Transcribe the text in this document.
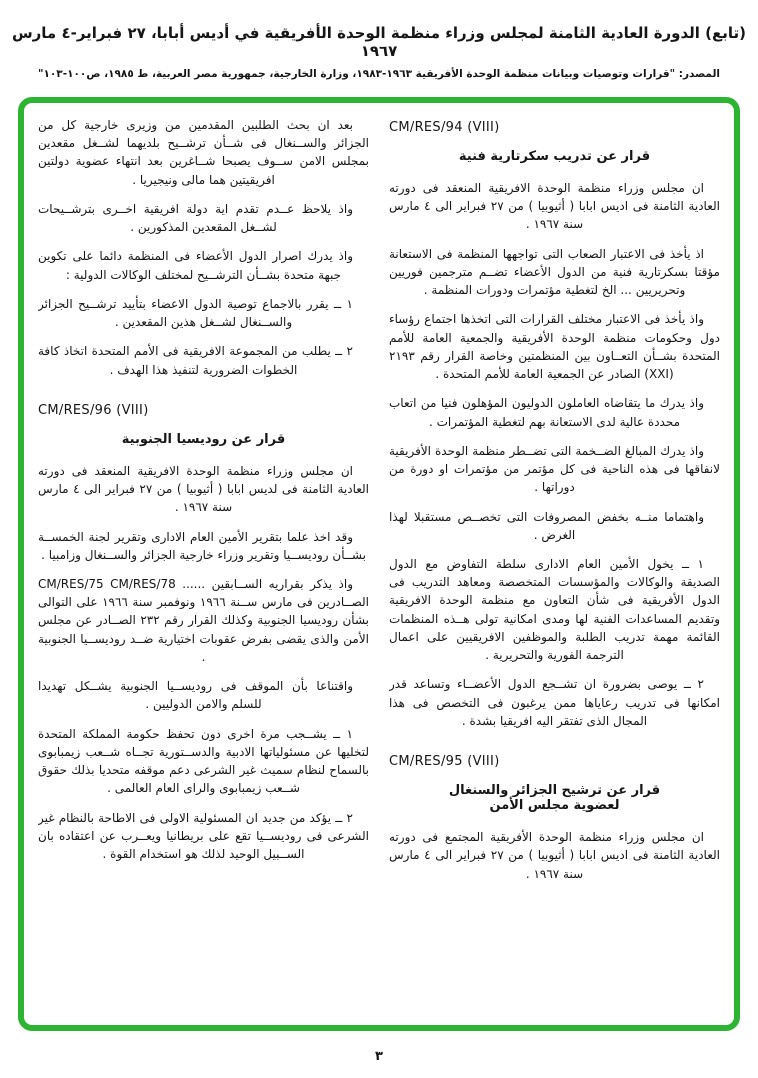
(تابع) الدورة العادية الثامنة لمجلس وزراء منظمة الوحدة الأفريقية في أديس أبابا، ٢٧ فبراير-٤ مارس ١٩٦٧
المصدر: "قرارات وتوصيات وبيانات منظمة الوحدة الأفريقية ١٩٦٣-١٩٨٣، وزارة الخارجية، جمهورية مصر العربية، ط ١٩٨٥، ص١٠٠-١٠٣"
CM/RES/94 (VIII)
قرار عن تدريب سكرتارية فنية

ان مجلس وزراء منظمة الوحدة الافريقية المنعقد فى دورته العادية الثامنة فى اديس ابابا ( أثيوبيا ) من ٢٧ فبراير الى ٤ مارس سنة ١٩٦٧ .

اذ يأخذ فى الاعتبار الصعاب التى تواجهها المنظمة فى الاستعانة مؤقتا بسكرتارية فنية من الدول الأعضاء تضــم مترجمين فوريين وتحريريين ... الخ لتغطية مؤتمرات ودورات المنظمة .

واذ يأخذ فى الاعتبار مختلف القرارات التى اتخذها اجتماع رؤساء دول وحكومات منظمة الوحدة الأفريقية والجمعية العامة للأمم المتحدة بشــأن التعــاون بين المنظمتين وخاصة القرار رقم ٢١٩٣ (XXI) الصادر عن الجمعية العامة للأمم المتحدة .

واذ يدرك ما يتقاضاه العاملون الدوليون المؤهلون فنيا من اتعاب محددة عالية لدى الاستعانة بهم لتغطية المؤتمرات .

واذ يدرك المبالغ الضــخمة التى تضــطر منظمة الوحدة الأفريقية لانفاقها فى هذه الناحية فى كل مؤتمر من مؤتمرات او دورة من دوراتها .

واهتماما منــه بخفض المصروفات التى تخصــص مستقبلا لهذا الغرض .

١ ــ يخول الأمين العام الادارى سلطة التفاوض مع الدول الصديقة والوكالات والمؤسسات المتخصصة ومعاهد التدريب فى الدول الأفريقية فى شأن التعاون مع منظمة الوحدة الافريقية وتقديم المساعدات الفنية لها ومدى امكانية تولى هــذه المنظمات القائمة مهمة تدريب الطلبة والموظفين الافريقيين على اعمال الترجمة الفورية والتحريرية .

٢ ــ يوصى بضرورة ان تشــجع الدول الأعضــاء وتساعد قدر امكانها فى تدريب رعاياها ممن يرغبون فى التخصص فى هذا المجال الذى تفتقر اليه افريقيا بشدة .

CM/RES/95 (VIII)
قرار عن ترشيح الجزائر والسنغال
لعضوية مجلس الأمن

ان مجلس وزراء منظمة الوحدة الأفريقية المجتمع فى دورته العادية الثامنة فى اديس ابابا ( أثيوبيا ) من ٢٧ فبراير الى ٤ مارس سنة ١٩٦٧ .

بعد ان بحث الطلبين المقدمين من وزيرى خارجية كل من الجزائر والســنغال فى شــأن ترشــيح بلديهما لشــغل مقعدين بمجلس الامن ســوف يصبحا شــاغرين بعد انتهاء عضوية دولتين افريقيتين هما مالى ونيجيريا .

واذ يلاحظ عــدم تقدم اية دولة افريقية اخــرى بترشــيحات لشــغل المقعدين المذكورين .

واذ يدرك اصرار الدول الأعضاء فى المنظمة دائما على تكوين جبهة متحدة بشــأن الترشــيح لمختلف الوكالات الدولية :

١ ــ يقرر بالاجماع توصية الدول الاعضاء بتأييد ترشــيح الجزائر والســنغال لشــغل هذين المقعدين .

٢ ــ يطلب من المجموعة الافريقية فى الأمم المتحدة اتخاذ كافة الخطوات الضرورية لتنفيذ هذا الهدف .

CM/RES/96 (VIII)
قرار عن روديسيا الجنوبية

ان مجلس وزراء منظمة الوحدة الافريقية المنعقد فى دورته العادية الثامنة فى لديس ابابا ( أثيوبيا ) من ٢٧ فبراير الى ٤ مارس سنة ١٩٦٧ .

وقد اخذ علما بتقرير الأمين العام الادارى وتقرير لجنة الخمســة بشــأن روديســيا وتقرير وزراء خارجية الجزائر والســنغال وزامبيا .

واذ يذكر بقراريه الســابقين ...... CM/RES/75 CM/RES/78 الصــادرين فى مارس ســنة ١٩٦٦ ونوفمبر سنة ١٩٦٦ على التوالى بشأن روديسيا الجنوبية وكذلك القرار رقم ٢٣٢ الصــادر عن مجلس الأمن والذى يقضى بفرض عقوبات اختيارية ضــد روديســيا الجنوبية .

واقتناعا بأن الموقف فى روديســيا الجنوبية يشــكل تهديدا للسلم والامن الدوليين .

١ ــ يشــجب مرة اخرى دون تحفظ حكومة المملكة المتحدة لتخليها عن مسئولياتها الادبية والدســتورية تجــاه شــعب زيمبابوى بالسماح لنظام سميث غير الشرعى دعم موقفه متحديا بذلك حقوق شــعب زيمبابوى والراى العام العالمى .

٢ ــ يؤكد من جديد ان المسئولية الاولى فى الاطاحة بالنظام غير الشرعى فى روديســيا تقع على بريطانيا ويعــرب عن اعتقاده بان الســبيل الوحيد لذلك هو استخدام القوة .

٣
